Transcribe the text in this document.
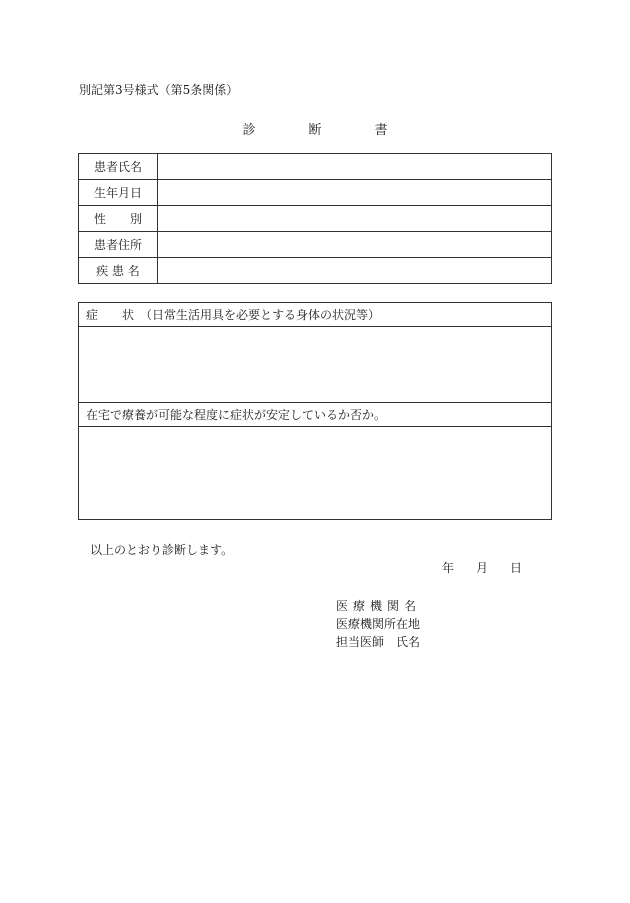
別記第3号様式（第5条関係）
診　断　書
患者氏名	
生年月日	
性　　別	
患者住所	
疾 患 名	
症　　状 （日常生活用具を必要とする身体の状況等）
在宅で療養が可能な程度に症状が安定しているか否か。
以上のとおり診断します。
年 月 日
医療機関名
医療機関所在地
担当医師　氏名
